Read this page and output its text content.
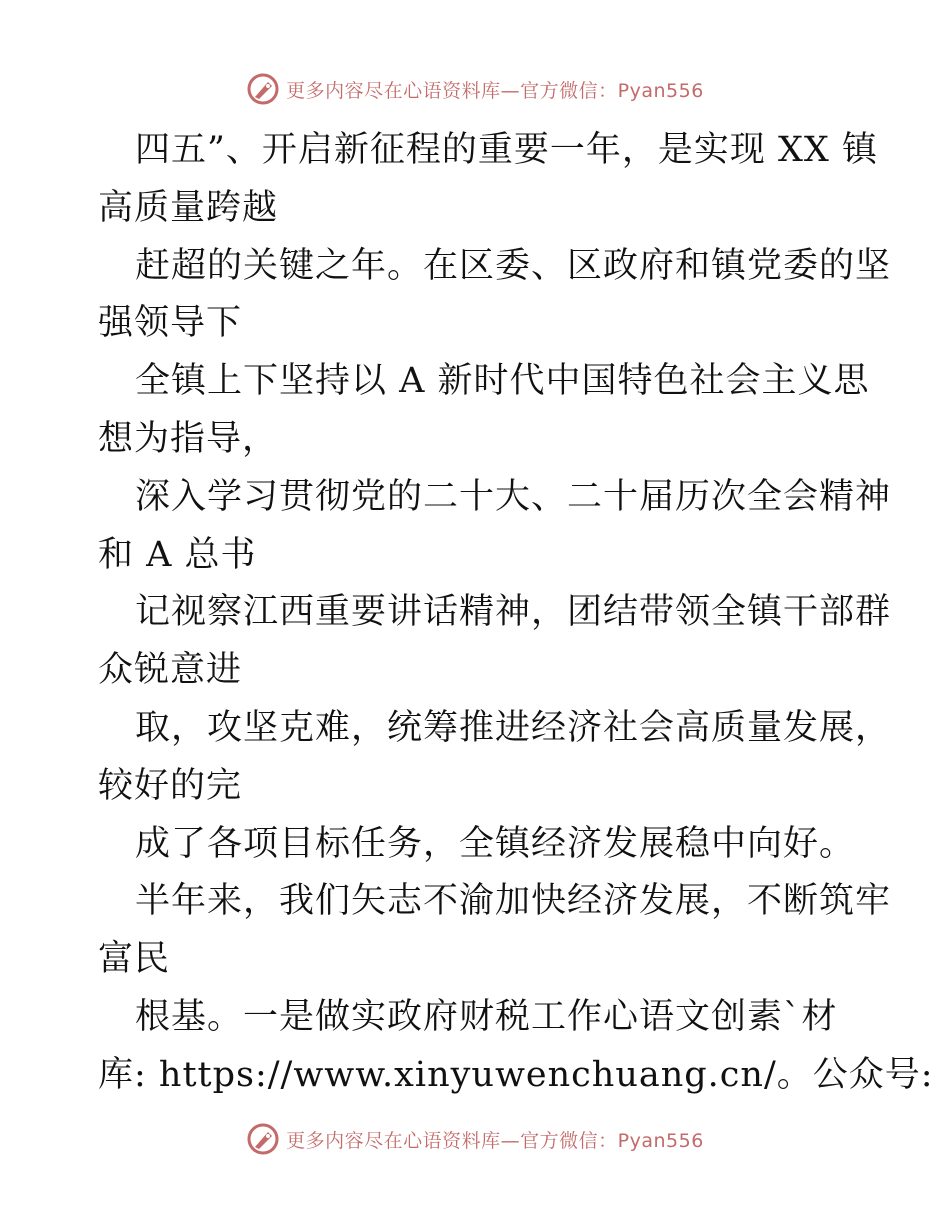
更多内容尽在心语资料库—官方微信：Pyan556
四五”、开启新征程的重要一年，是实现 XX 镇
高质量跨越
赶超的关键之年。在区委、区政府和镇党委的坚
强领导下
全镇上下坚持以 A 新时代中国特色社会主义思
想为指导，
深入学习贯彻党的二十大、二十届历次全会精神
和 A 总书
记视察江西重要讲话精神，团结带领全镇干部群
众锐意进
取，攻坚克难，统筹推进经济社会高质量发展，
较好的完
成了各项目标任务，全镇经济发展稳中向好。
半年来，我们矢志不渝加快经济发展，不断筑牢
富民
根基。一是做实政府财税工作心语文创素`材
库: https://www.xinyuwenchuang.cn/。公众号:
更多内容尽在心语资料库—官方微信：Pyan556
